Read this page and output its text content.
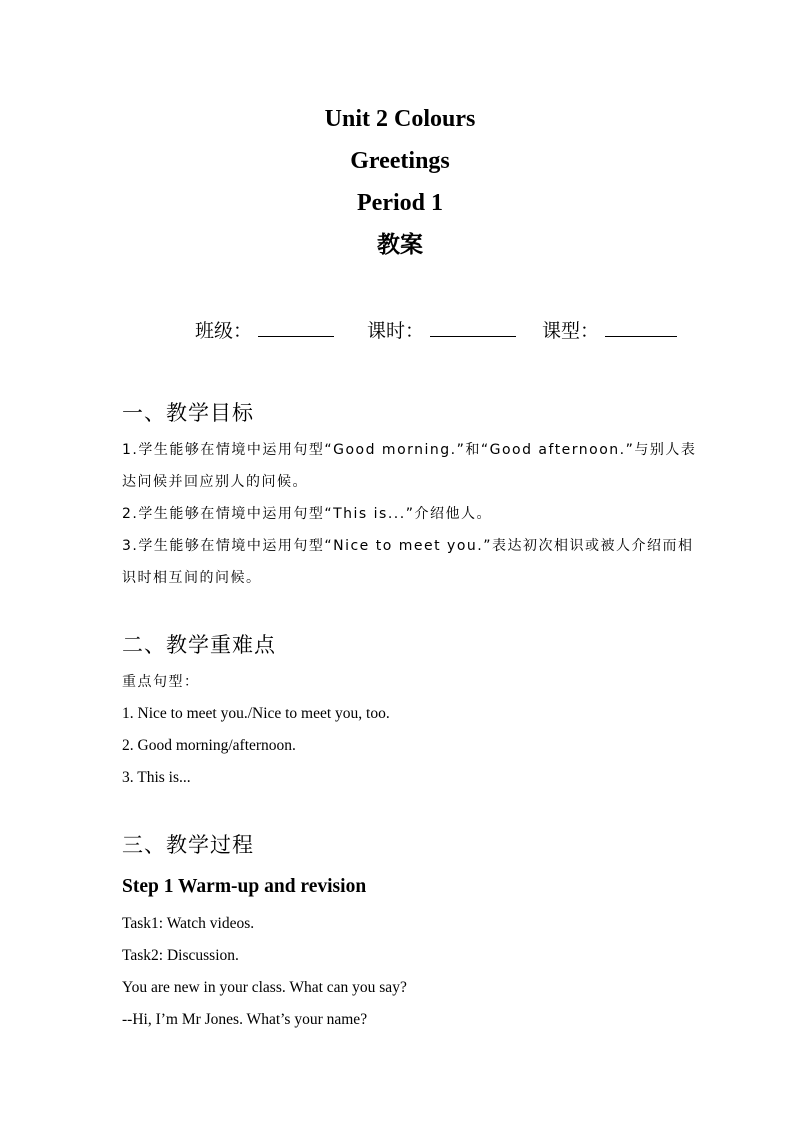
Unit 2 Colours
Greetings
Period 1
教案
班级：	课时：	课型：
一、教学目标
1.学生能够在情境中运用句型“Good morning.”和“Good afternoon.”与别人表
达问候并回应别人的问候。
2.学生能够在情境中运用句型“This is...”介绍他人。
3.学生能够在情境中运用句型“Nice to meet you.”表达初次相识或被人介绍而相
识时相互间的问候。
二、教学重难点
重点句型：
1. Nice to meet you./Nice to meet you, too.
2. Good morning/afternoon.
3. This is...
三、教学过程
Step 1 Warm-up and revision
Task1: Watch videos.
Task2: Discussion.
You are new in your class. What can you say?
--Hi, I’m Mr Jones. What’s your name?
